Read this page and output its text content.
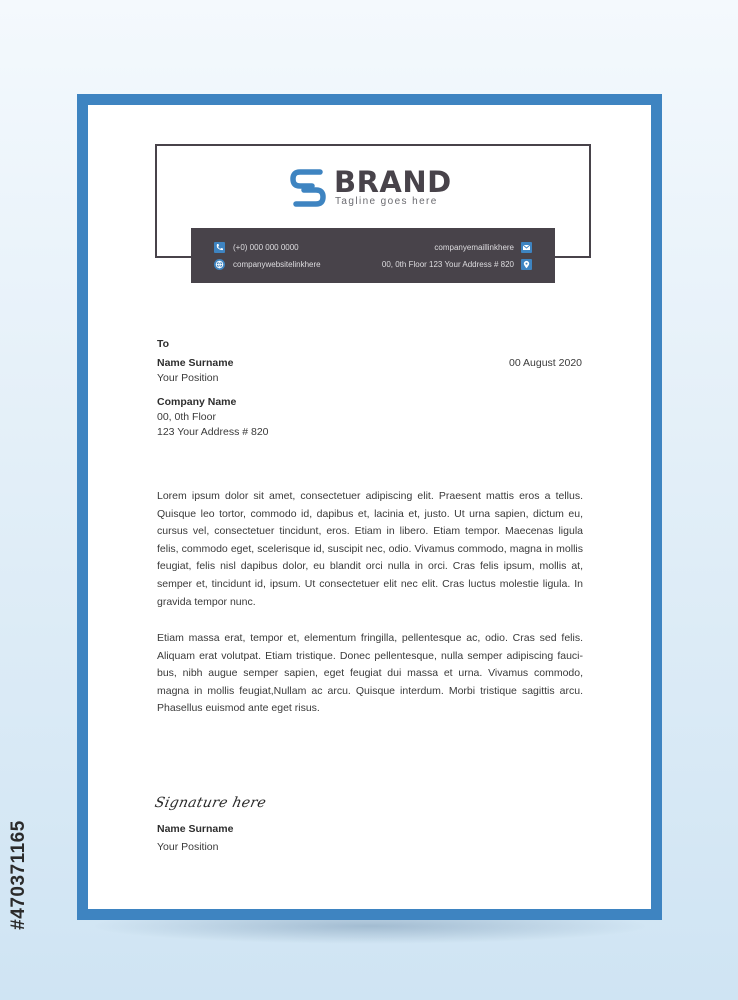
BRAND
Tagline goes here
(+0) 000 000 0000
companywebsitelinkhere
companyemaillinkhere
00, 0th Floor 123 Your Address # 820
To
Name Surname
Your Position
00 August 2020
Company Name
00, 0th Floor
123 Your Address # 820

Lorem ipsum dolor sit amet, consectetuer adipiscing elit. Praesent mattis eros a tellus. Quisque leo tortor, commodo id, dapibus et, lacinia et, justo. Ut urna sapien, dictum eu, cursus vel, consectetuer tincidunt, eros. Etiam in libero. Etiam tempor. Maecenas ligula felis, commodo eget, scelerisque id, suscipit nec, odio. Vivamus commodo, magna in mollis feugiat, felis nisl dapibus dolor, eu blandit orci nulla in orci. Cras felis ipsum, mollis at, semper et, tincidunt id, ipsum. Ut consectetuer elit nec elit. Cras luctus molestie ligula. In gravida tempor nunc.

Etiam massa erat, tempor et, elementum fringilla, pellentesque ac, odio. Cras sed felis. Aliquam erat volutpat. Etiam tristique. Donec pellentesque, nulla semper adipiscing faucibus, nibh augue semper sapien, eget feugiat dui massa et urna. Vivamus commodo, magna in mollis feugiat,Nullam ac arcu. Quisque interdum. Morbi tristique sagittis arcu. Phasellus euismod ante eget risus.

Signature here
Name Surname
Your Position
#470371165
